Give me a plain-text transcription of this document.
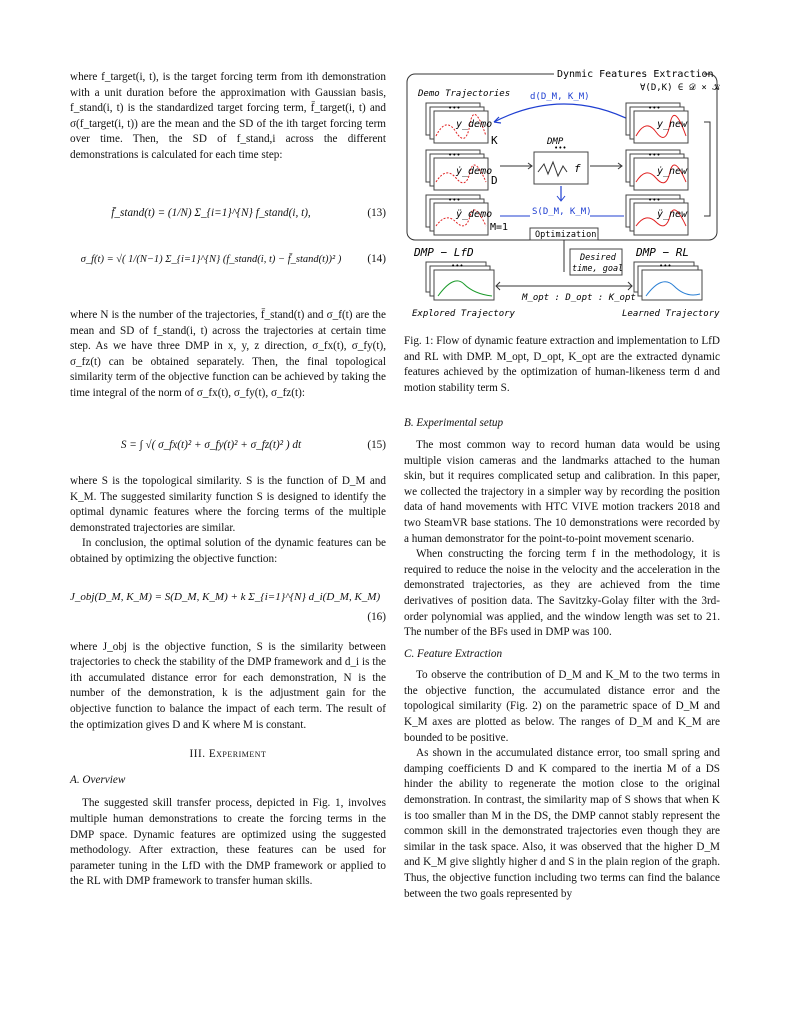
where f_target(i, t), is the target forcing term from ith demonstration with a unit duration before the approximation with Gaussian basis, f_stand(i, t) is the standardized target forcing term, f̄_target(i, t) and σ(f_target(i, t)) are the mean and the SD of the ith target forcing term over time. Then, the SD of f_stand,i across the different demonstrations is calculated for each time step:

f̄_stand(t) = (1/N) Σ_{i=1}^{N} f_stand(i, t),	(13)
σ_f(t) = √( 1/(N−1) Σ_{i=1}^{N} (f_stand(i, t) − f̄_stand(t))² )	(14)

where N is the number of the trajectories, f̄_stand(t) and σ_f(t) are the mean and SD of f_stand(i, t) across the trajectories at certain time step. As we have three DMP in x, y, z direction, σ_fx(t), σ_fy(t), σ_fz(t) can be obtained separately. Then, the final topological similarity term of the objective function can be achieved by taking the time integral of the norm of σ_fx(t), σ_fy(t), σ_fz(t):

S = ∫ √( σ_fx(t)² + σ_fy(t)² + σ_fz(t)² ) dt	(15)

where S is the topological similarity. S is the function of D_M and K_M. The suggested similarity function S is designed to identify the optimal dynamic features where the forcing terms of the multiple demonstrated trajectories are similar.

In conclusion, the optimal solution of the dynamic features can be obtained by optimizing the objective function:

J_obj(D_M, K_M) = S(D_M, K_M) + k Σ_{i=1}^{N} d_i(D_M, K_M)
(16)

where J_obj is the objective function, S is the similarity between trajectories to check the stability of the DMP framework and d_i is the ith accumulated distance error for each demonstration, N is the number of the demonstration, k is the adjustment gain for the objective function to balance the impact of each term. The result of the optimization gives D and K where M is constant.

III. Experiment
A. Overview

The suggested skill transfer process, depicted in Fig. 1, involves multiple human demonstrations to create the forcing terms in the DMP space. Dynamic features are optimized using the suggested methodology. After extraction, these features can be used for parameter tuning in the LfD with the DMP framework or applied to the RL with DMP framework to transfer human skills.

Dynmic Features Extraction
∀(D,K) ∈ 𝒟 × 𝒦
Demo Trajectories
•••
y_demo
•••
ẏ_demo
•••
ÿ_demo
K
D
M=1
DMP
•••
f
d(D_M, K_M)
S(D_M, K_M)
•••
y_new
•••
ẏ_new
•••
ÿ_new
Optimization
DMP − LfD	DMP − RL
Desired
time, goal
•••	•••
M_opt : D_opt : K_opt
Explored Trajectory	Learned Trajectory

Fig. 1: Flow of dynamic feature extraction and implementation to LfD and RL with DMP. M_opt, D_opt, K_opt are the extracted dynamic features achieved by the optimization of human-likeness term d and motion stability term S.

B. Experimental setup

The most common way to record human data would be using multiple vision cameras and the landmarks attached to the human skin, but it requires complicated setup and calibration. In this paper, we collected the trajectory in a simpler way by recording the position data of hand movements with HTC VIVE motion trackers 2018 and two SteamVR base stations. The 10 demonstrations were recorded by a human demonstrator for the point-to-point movement scenario.

When constructing the forcing term f in the methodology, it is required to reduce the noise in the velocity and the acceleration in the demonstrated trajectories, as they are achieved from the time derivatives of position data. The Savitzky-Golay filter with the 3rd-order polynomial was applied, and the window length was set to 21. The number of the BFs used in DMP was 100.

C. Feature Extraction

To observe the contribution of D_M and K_M to the two terms in the objective function, the accumulated distance error and the topological similarity (Fig. 2) on the parametric space of D_M and K_M axes are plotted as below. The ranges of D_M and K_M are bounded to be positive.

As shown in the accumulated distance error, too small spring and damping coefficients D and K compared to the inertia M of a DS hinder the ability to regenerate the motion close to the original demonstration. In contrast, the similarity map of S shows that when K is too smaller than M in the DS, the DMP cannot stably represent the common skill in the demonstrated trajectories even though they are similar in the task space. Also, it was observed that the higher D_M and K_M give slightly higher d and S in the plain region of the graph. Thus, the objective function including two terms can find the balance between the two goals represented by
